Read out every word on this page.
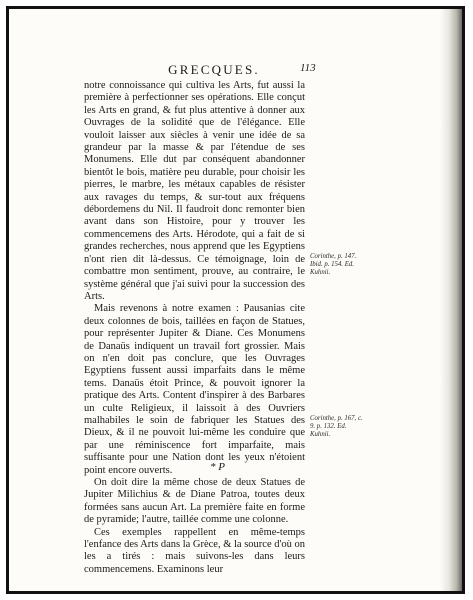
GRECQUES.	113

notre connoissance qui cultiva les Arts, fut aussi la première à perfectionner ses opérations. Elle conçut les Arts en grand, & fut plus attentive à donner aux Ouvrages de la solidité que de l'élégance. Elle vouloit laisser aux siècles à venir une idée de sa grandeur par la masse & par l'étendue de ses Monumens. Elle dut par conséquent abandonner bientôt le bois, matière peu durable, pour choisir les pierres, le marbre, les métaux capables de résister aux ravages du temps, & sur-tout aux fréquens débordemens du Nil. Il faudroit donc remonter bien avant dans son Histoire, pour y trouver les commencemens des Arts. Hérodote, qui a fait de si grandes recherches, nous apprend que les Egyptiens n'ont rien dit là-dessus. Ce témoignage, loin de combattre mon sentiment, prouve, au contraire, le système général que j'ai suivi pour la succession des Arts.

Mais revenons à notre examen : Pausanias cite deux colonnes de bois, taillées en façon de Statues, pour représenter Jupiter & Diane. Ces Monumens de Danaüs indiquent un travail fort grossier. Mais on n'en doit pas conclure, que les Ouvrages Egyptiens fussent aussi imparfaits dans le même tems. Danaüs étoit Prince, & pouvoit ignorer la pratique des Arts. Content d'inspirer à des Barbares un culte Religieux, il laissoit à des Ouvriers malhabiles le soin de fabriquer les Statues des Dieux, & il ne pouvoit lui-même les conduire que par une réminiscence fort imparfaite, mais suffisante pour une Nation dont les yeux n'étoient point encore ouverts.

On doit dire la même chose de deux Statues de Jupiter Milichius & de Diane Patroa, toutes deux formées sans aucun Art. La première faite en forme de pyramide; l'autre, taillée comme une colonne.

Ces exemples rappellent en même-temps l'enfance des Arts dans la Grèce, & la source d'où on les a tirés : mais suivons-les dans leurs commencemens. Examinons leur

Corinthe, p. 147. Ibid. p. 154. Ed. Kuhnii.
Corinthe, p. 167, c. 9. p. 132. Ed. Kuhnii.
* P
